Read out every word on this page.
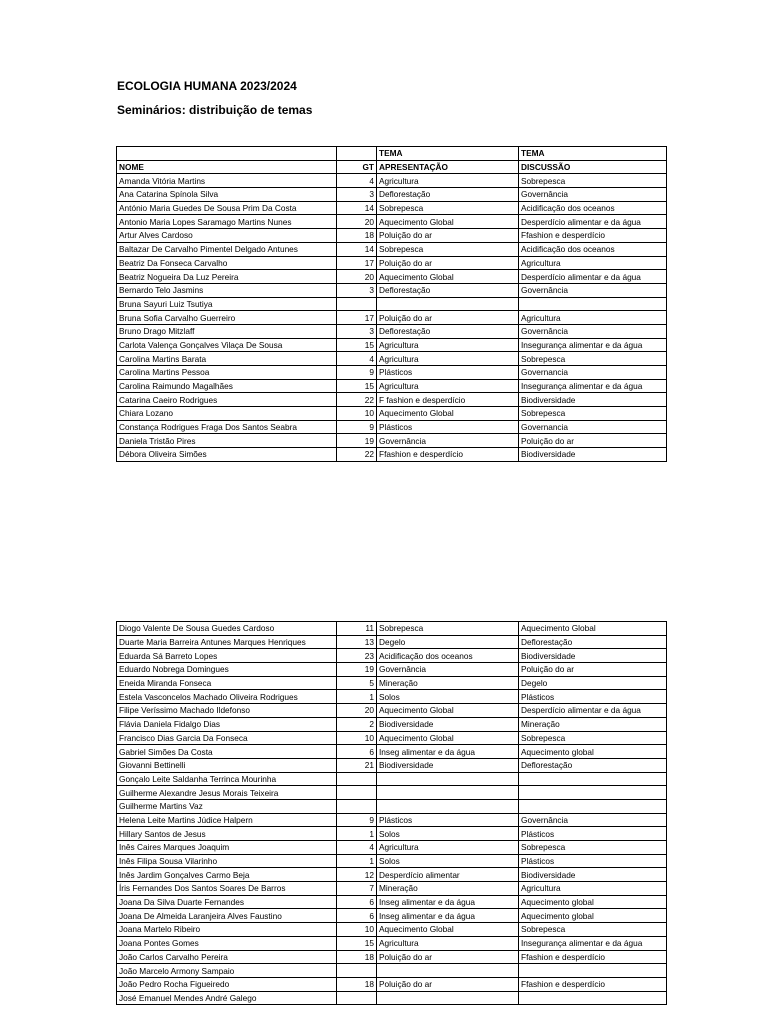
ECOLOGIA HUMANA 2023/2024
Seminários: distribuição de temas
		TEMA	TEMA
NOME	GT	APRESENTAÇÃO	DISCUSSÃO
Amanda Vitória Martins	4	Agricultura	Sobrepesca
Ana Catarina Spínola Silva	3	Deflorestação	Governância
António Maria Guedes De Sousa Prim Da Costa	14	Sobrepesca	Acidificação dos oceanos
Antonio Maria Lopes Saramago Martins Nunes	20	Aquecimento Global	Desperdício alimentar e da água
Artur Alves Cardoso	18	Poluição do ar	Ffashion e desperdício
Baltazar De Carvalho Pimentel Delgado Antunes	14	Sobrepesca	Acidificação dos oceanos
Beatriz Da Fonseca Carvalho	17	Poluição do ar	Agricultura
Beatriz Nogueira Da Luz Pereira	20	Aquecimento Global	Desperdício alimentar e da água
Bernardo Telo Jasmins	3	Deflorestação	Governância
Bruna Sayuri Luiz Tsutiya			
Bruna Sofia Carvalho Guerreiro	17	Poluição do ar	Agricultura
Bruno Drago Mitzlaff	3	Deflorestação	Governância
Carlota Valença Gonçalves Vilaça De Sousa	15	Agricultura	Insegurança alimentar e da água
Carolina Martins Barata	4	Agricultura	Sobrepesca
Carolina Martins Pessoa	9	Plásticos	Governancia
Carolina Raimundo Magalhães	15	Agricultura	Insegurança alimentar e da água
Catarina Caeiro Rodrigues	22	F fashion e desperdício	Biodiversidade
Chiara Lozano	10	Aquecimento Global	Sobrepesca
Constança Rodrigues Fraga Dos Santos Seabra	9	Plásticos	Governancia
Daniela Tristão Pires	19	Governância	Poluição do ar
Débora Oliveira Simões	22	Ffashion e desperdício	Biodiversidade
Diogo Valente De Sousa Guedes Cardoso	11	Sobrepesca	Aquecimento Global
Duarte Maria Barreira Antunes Marques Henriques	13	Degelo	Deflorestação
Eduarda Sá Barreto Lopes	23	Acidificação dos oceanos	Biodiversidade
Eduardo Nobrega Domingues	19	Governância	Poluição do ar
Eneida Miranda Fonseca	5	Mineração	Degelo
Estela Vasconcelos Machado Oliveira Rodrigues	1	Solos	Plásticos
Filipe Veríssimo Machado Ildefonso	20	Aquecimento Global	Desperdício alimentar e da água
Flávia Daniela Fidalgo Dias	2	Biodiversidade	Mineração
Francisco Dias Garcia Da Fonseca	10	Aquecimento Global	Sobrepesca
Gabriel Simões Da Costa	6	Inseg alimentar e da água	Aquecimento global
Giovanni Bettinelli	21	Biodiversidade	Deflorestação
Gonçalo Leite Saldanha Terrinca Mourinha			
Guilherme Alexandre Jesus Morais Teixeira			
Guilherme Martins Vaz			
Helena Leite Martins Júdice Halpern	9	Plásticos	Governância
Hillary Santos de Jesus	1	Solos	Plásticos
Inês Caires Marques Joaquim	4	Agricultura	Sobrepesca
Inês Filipa Sousa Vilarinho	1	Solos	Plásticos
Inês Jardim Gonçalves Carmo Beja	12	Desperdício alimentar	Biodiversidade
Íris Fernandes Dos Santos Soares De Barros	7	Mineração	Agricultura
Joana Da Silva Duarte Fernandes	6	Inseg alimentar e da água	Aquecimento global
Joana De Almeida Laranjeira Alves Faustino	6	Inseg alimentar e da água	Aquecimento global
Joana Martelo Ribeiro	10	Aquecimento Global	Sobrepesca
Joana Pontes Gomes	15	Agricultura	Insegurança alimentar e da água
João Carlos Carvalho Pereira	18	Poluição do ar	Ffashion e desperdício
João Marcelo Armony Sampaio			
João Pedro Rocha Figueiredo	18	Poluição do ar	Ffashion e desperdício
José Emanuel Mendes André Galego			
